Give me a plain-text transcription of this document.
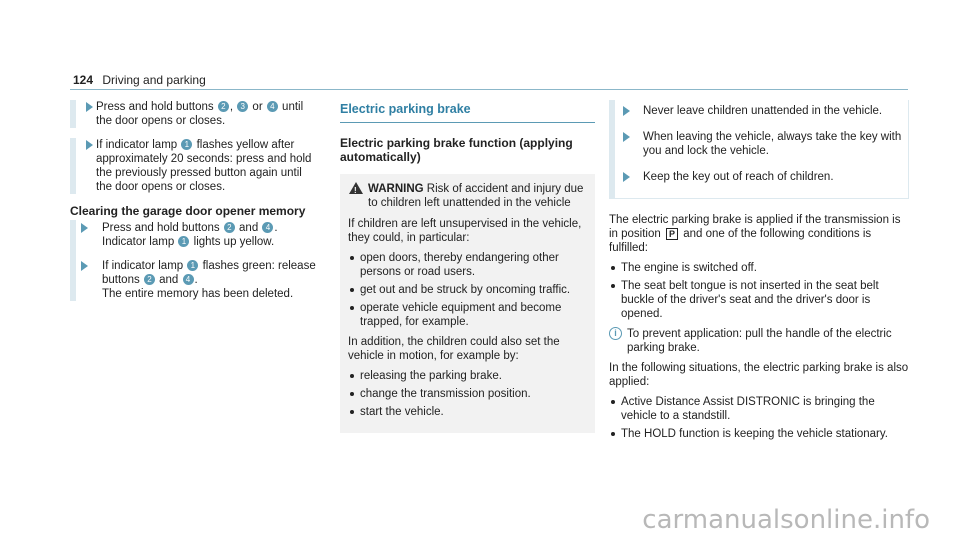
124 Driving and parking

Press and hold buttons 2 , 3 or 4 until the door opens or closes.

If indicator lamp 1 flashes yellow after approximately 20 seconds: press and hold the previously pressed button again until the door opens or closes.

Clearing the garage door opener memory

Press and hold buttons 2 and 4 .
Indicator lamp 1 lights up yellow.

If indicator lamp 1 flashes green: release buttons 2 and 4 .
The entire memory has been deleted.

Electric parking brake
Electric parking brake function (applying automatically)
!
WARNING Risk of accident and injury due to children left unattended in the vehicle

If children are left unsupervised in the vehicle, they could, in particular:

open doors, thereby endangering other persons or road users.
get out and be struck by oncoming traffic.
operate vehicle equipment and become trapped, for example.

In addition, the children could also set the vehicle in motion, for example by:

releasing the parking brake.
change the transmission position.
start the vehicle.

Never leave children unattended in the vehicle.

When leaving the vehicle, always take the key with you and lock the vehicle.

Keep the key out of reach of children.

The electric parking brake is applied if the transmission is in position P and one of the following conditions is fulfilled:

The engine is switched off.
The seat belt tongue is not inserted in the seat belt buckle of the driver's seat and the driver's door is opened.
i To prevent application: pull the handle of the electric parking brake.

In the following situations, the electric parking brake is also applied:

Active Distance Assist DISTRONIC is bringing the vehicle to a standstill.
The HOLD function is keeping the vehicle stationary.
carmanualsonline.info
